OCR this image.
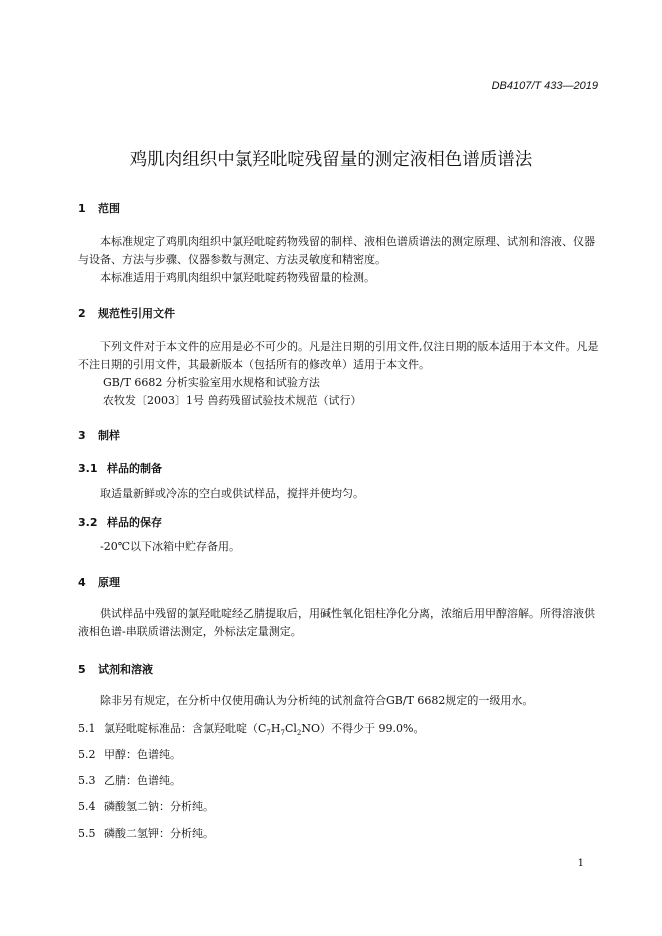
DB4107/T 433—2019
鸡肌肉组织中氯羟吡啶残留量的测定液相色谱质谱法
1 范围
本标准规定了鸡肌肉组织中氯羟吡啶药物残留的制样、液相色谱质谱法的测定原理、试剂和溶液、仪器与设备、方法与步骤、仪器参数与测定、方法灵敏度和精密度。
本标准适用于鸡肌肉组织中氯羟吡啶药物残留量的检测。
2 规范性引用文件
下列文件对于本文件的应用是必不可少的。凡是注日期的引用文件,仅注日期的版本适用于本文件。凡是不注日期的引用文件，其最新版本（包括所有的修改单）适用于本文件。
GB/T 6682 分析实验室用水规格和试验方法
农牧发〔2003〕1号 兽药残留试验技术规范（试行）
3 制样
3.1 样品的制备
取适量新鲜或冷冻的空白或供试样品，搅拌并使均匀。
3.2 样品的保存
-20℃以下冰箱中贮存备用。
4 原理
供试样品中残留的氯羟吡啶经乙腈提取后，用碱性氧化铝柱净化分离，浓缩后用甲醇溶解。所得溶液供液相色谱-串联质谱法测定，外标法定量测定。
5 试剂和溶液
除非另有规定，在分析中仅使用确认为分析纯的试剂盒符合GB/T 6682规定的一级用水。
5.1 氯羟吡啶标准品：含氯羟吡啶$(C_7H_7Cl_2NO)$不得少于 99.0%。
5.2 甲醇：色谱纯。
5.3 乙腈：色谱纯。
5.4 磷酸氢二钠：分析纯。
5.5 磷酸二氢钾：分析纯。
1
